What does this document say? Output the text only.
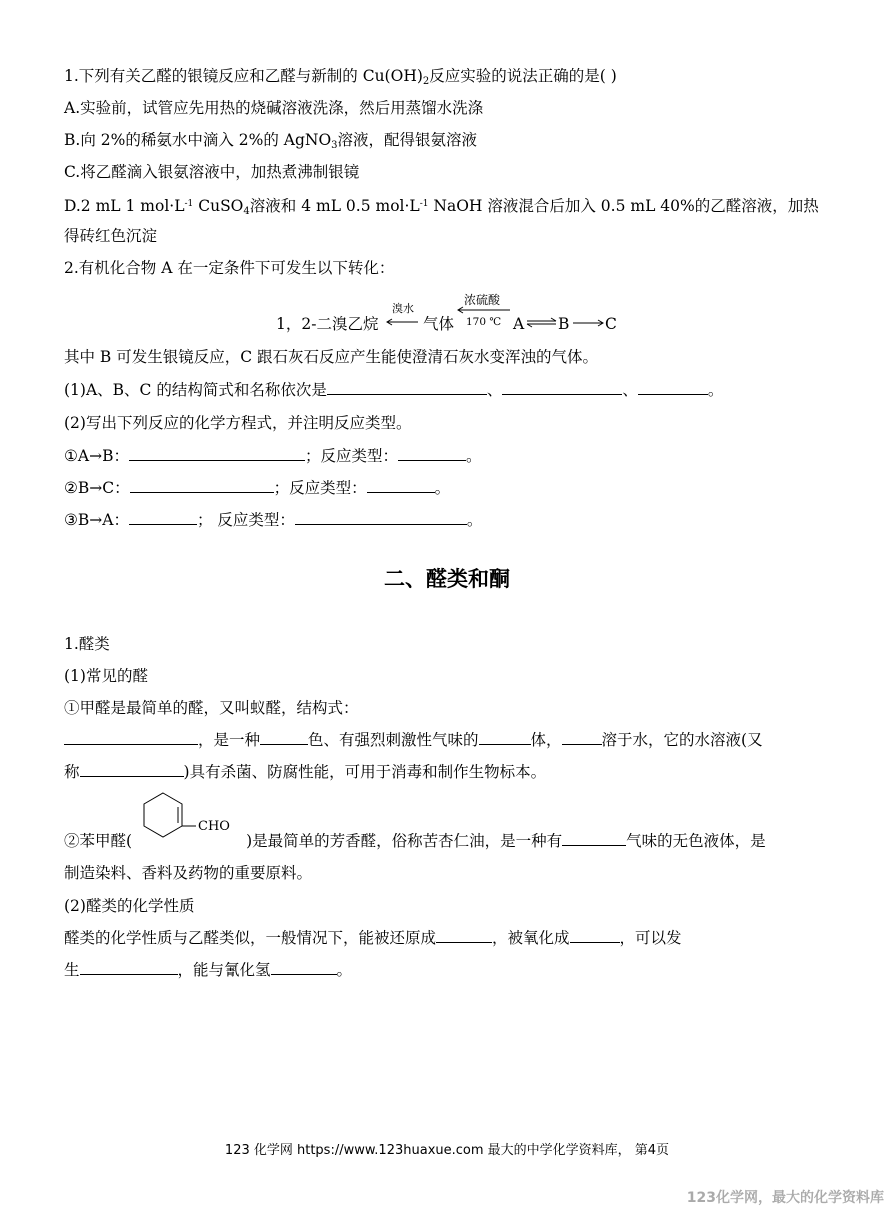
1.下列有关乙醛的银镜反应和乙醛与新制的 $Cu(OH)_2$反应实验的说法正确的是( )
A.实验前，试管应先用热的烧碱溶液洗涤，然后用蒸馏水洗涤
B.向 2%的稀氨水中滴入 2%的 AgNO$_3$溶液，配得银氨溶液
C.将乙醛滴入银氨溶液中，加热煮沸制银镜
D.2 mL 1 $mol\cdot L^{-1}$ CuSO$_4$溶液和 4 mL 0.5 $mol\cdot L^{-1}$ NaOH 溶液混合后加入 0.5 mL 40%的乙醛溶液，加热
得砖红色沉淀
2.有机化合物 A 在一定条件下可发生以下转化：
1，2-二溴乙烷
溴水
气体
浓硫酸
170 ℃ A B C
其中 B 可发生银镜反应，C 跟石灰石反应产生能使澄清石灰水变浑浊的气体。
(1)A、B、C 的结构简式和名称依次是	、	、	。
(2)写出下列反应的化学方程式，并注明反应类型。
①A→B：	；反应类型：	。
②B→C：	；反应类型：	。
③B→A：	； 反应类型：	。
二、醛类和酮
1.醛类
(1)常见的醛
①甲醛是最简单的醛，又叫蚁醛，结构式：
，是一种	色、有强烈刺激性气味的	体，	溶于水，它的水溶液(又
称	)具有杀菌、防腐性能，可用于消毒和制作生物标本。
CHO
②苯甲醛(	)是最简单的芳香醛，俗称苦杏仁油，是一种有	气味的无色液体，是
制造染料、香料及药物的重要原料。
(2)醛类的化学性质
醛类的化学性质与乙醛类似，一般情况下，能被还原成	，被氧化成	，可以发
生	，能与氰化氢	。
123 化学网 https://www.123huaxue.com 最大的中学化学资料库， 第4页
123化学网，最大的化学资料库
